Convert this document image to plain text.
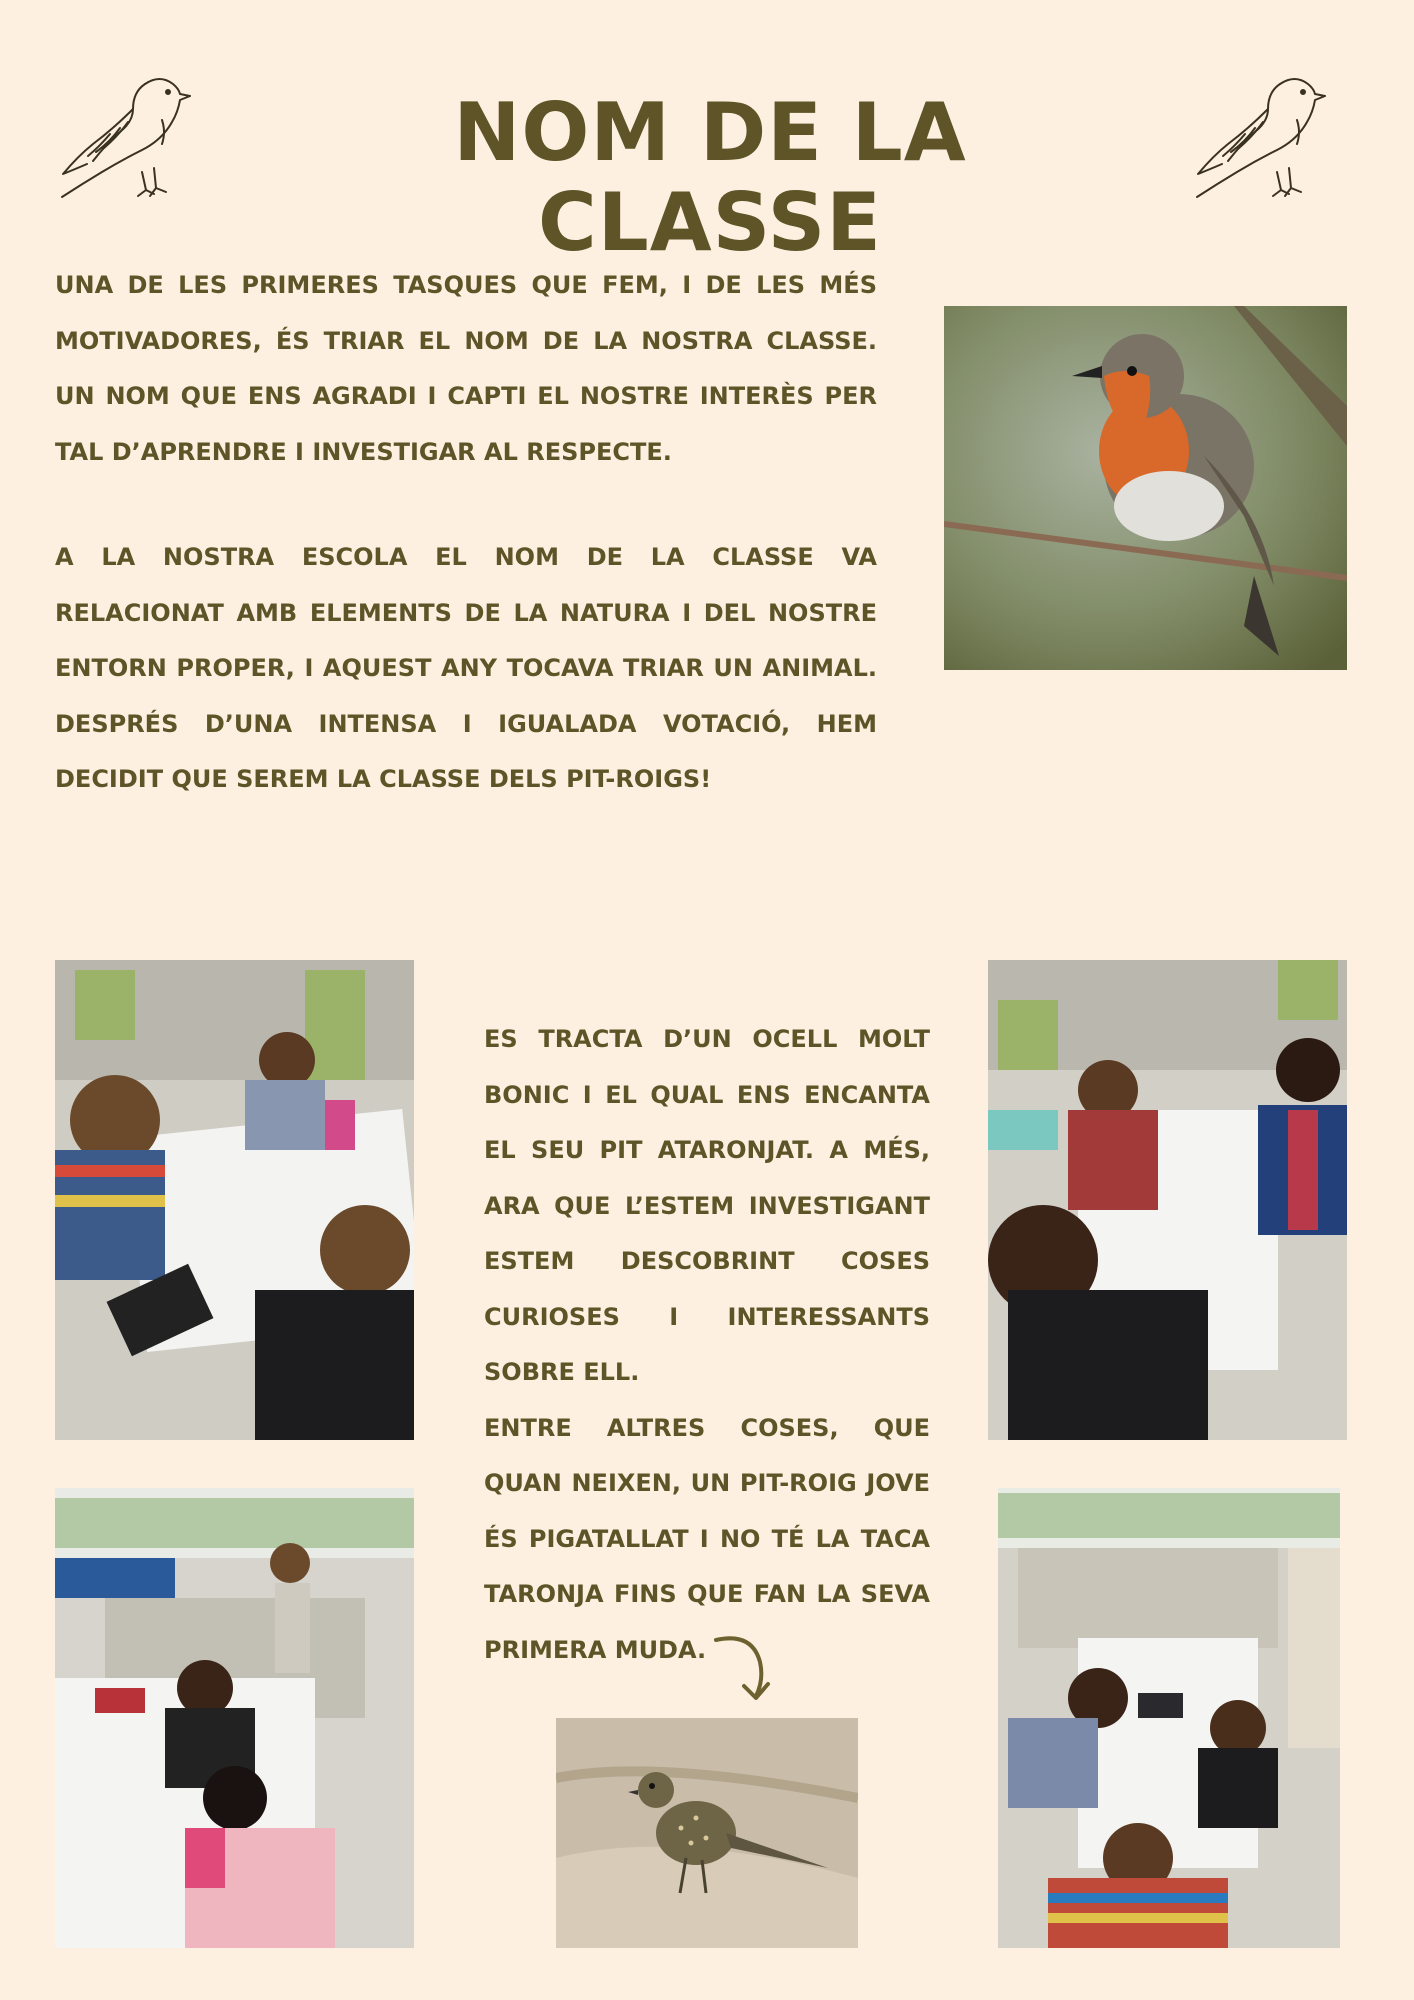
NOM DE LA CLASSE

UNA DE LES PRIMERES TASQUES QUE FEM, I DE LES MÉS MOTIVADORES, ÉS TRIAR EL NOM DE LA NOSTRA CLASSE. UN NOM QUE ENS AGRADI I CAPTI EL NOSTRE INTERÈS PER TAL D’APRENDRE I INVESTIGAR AL RESPECTE.

A LA NOSTRA ESCOLA EL NOM DE LA CLASSE VA RELACIONAT AMB ELEMENTS DE LA NATURA I DEL NOSTRE ENTORN PROPER, I AQUEST ANY TOCAVA TRIAR UN ANIMAL. DESPRÉS D’UNA INTENSA I IGUALADA VOTACIÓ, HEM DECIDIT QUE SEREM LA CLASSE DELS PIT-ROIGS!

ES TRACTA D’UN OCELL MOLT BONIC I EL QUAL ENS ENCANTA EL SEU PIT ATARONJAT. A MÉS, ARA QUE L’ESTEM INVESTIGANT ESTEM DESCOBRINT COSES CURIOSES I INTERESSANTS SOBRE ELL.

ENTRE ALTRES COSES, QUE QUAN NEIXEN, UN PIT-ROIG JOVE ÉS PIGATALLAT I NO TÉ LA TACA TARONJA FINS QUE FAN LA SEVA PRIMERA MUDA.
